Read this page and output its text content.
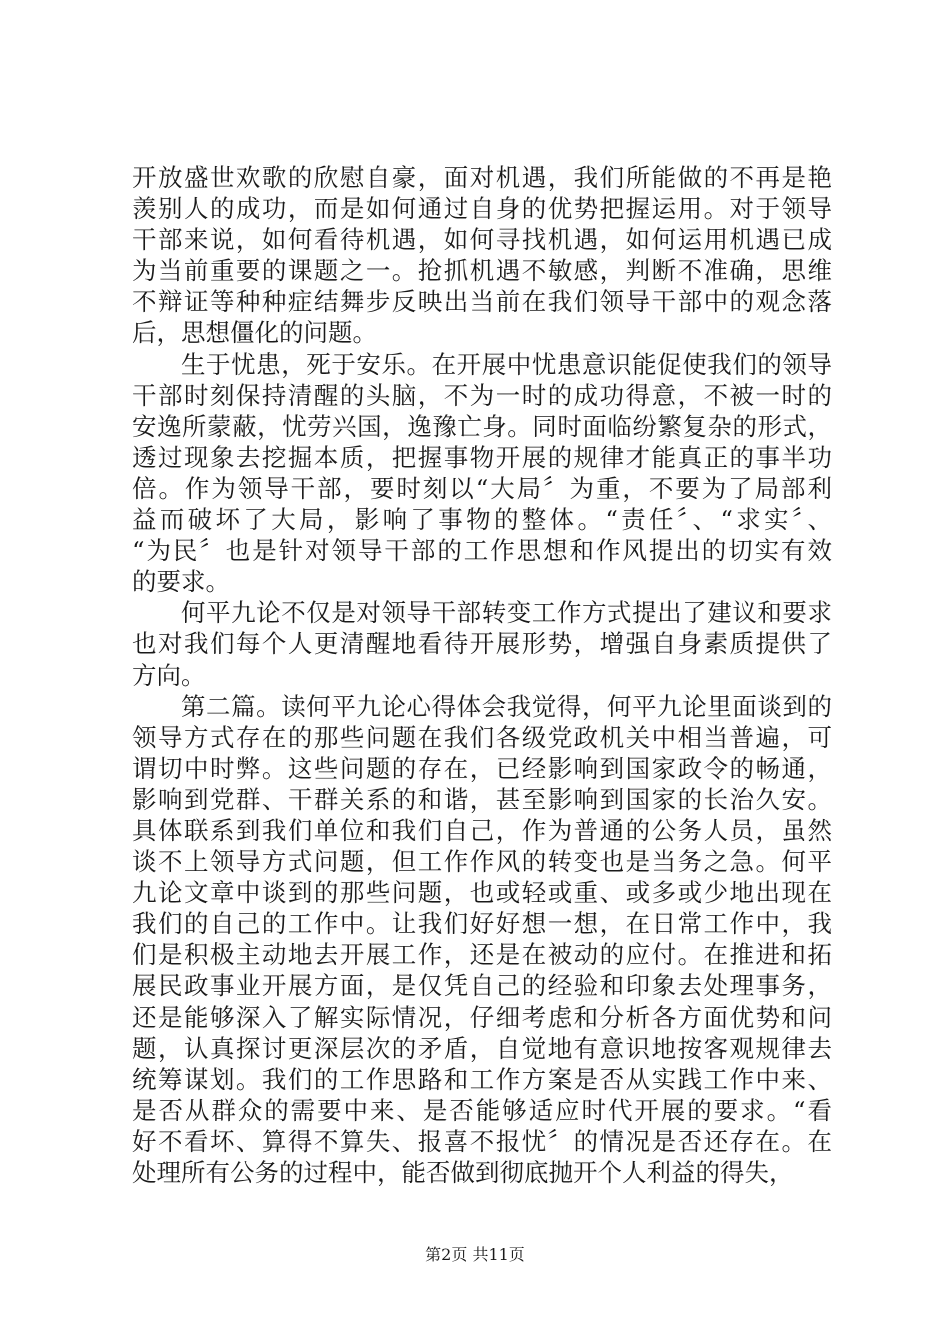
开放盛世欢歌的欣慰自豪，面对机遇，我们所能做的不再是艳
羡别人的成功，而是如何通过自身的优势把握运用。对于领导
干部来说，如何看待机遇，如何寻找机遇，如何运用机遇已成
为当前重要的课题之一。抢抓机遇不敏感，判断不准确，思维
不辩证等种种症结舞步反映出当前在我们领导干部中的观念落
后，思想僵化的问题。
生于忧患，死于安乐。在开展中忧患意识能促使我们的领导
干部时刻保持清醒的头脑，不为一时的成功得意，不被一时的
安逸所蒙蔽，忧劳兴国，逸豫亡身。同时面临纷繁复杂的形式，
透过现象去挖掘本质，把握事物开展的规律才能真正的事半功
倍。作为领导干部，要时刻以“大局〞为重，不要为了局部利
益而破坏了大局，影响了事物的整体。“责任〞、“求实〞、
“为民〞也是针对领导干部的工作思想和作风提出的切实有效
的要求。
何平九论不仅是对领导干部转变工作方式提出了建议和要求
也对我们每个人更清醒地看待开展形势，增强自身素质提供了
方向。
第二篇。读何平九论心得体会我觉得，何平九论里面谈到的
领导方式存在的那些问题在我们各级党政机关中相当普遍，可
谓切中时弊。这些问题的存在，已经影响到国家政令的畅通，
影响到党群、干群关系的和谐，甚至影响到国家的长治久安。
具体联系到我们单位和我们自己，作为普通的公务人员，虽然
谈不上领导方式问题，但工作作风的转变也是当务之急。何平
九论文章中谈到的那些问题，也或轻或重、或多或少地出现在
我们的自己的工作中。让我们好好想一想，在日常工作中，我
们是积极主动地去开展工作，还是在被动的应付。在推进和拓
展民政事业开展方面，是仅凭自己的经验和印象去处理事务，
还是能够深入了解实际情况，仔细考虑和分析各方面优势和问
题，认真探讨更深层次的矛盾，自觉地有意识地按客观规律去
统筹谋划。我们的工作思路和工作方案是否从实践工作中来、
是否从群众的需要中来、是否能够适应时代开展的要求。“看
好不看坏、算得不算失、报喜不报忧〞的情况是否还存在。在
处理所有公务的过程中，能否做到彻底抛开个人利益的得失，
第2页 共11页
